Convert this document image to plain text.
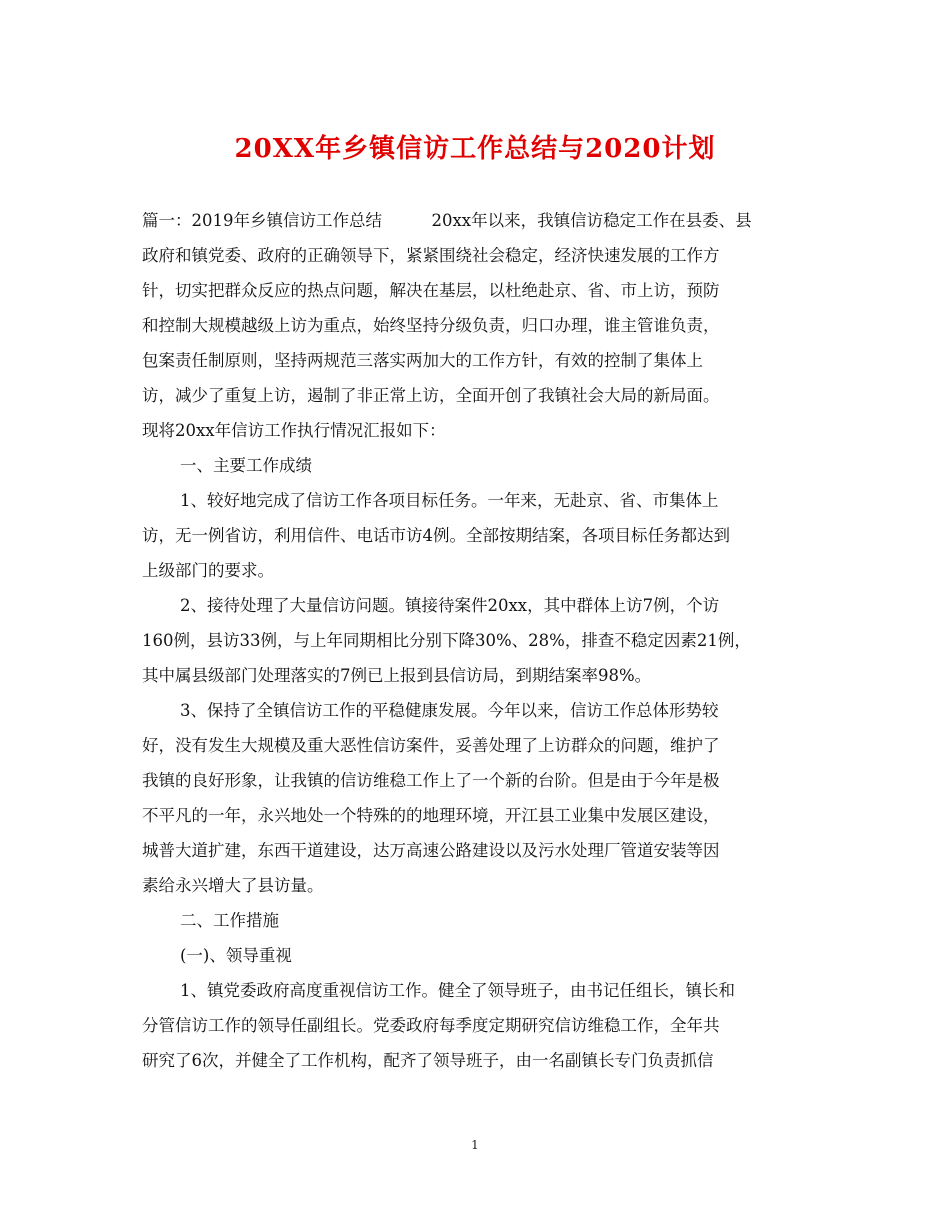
20XX年乡镇信访工作总结与2020计划
篇一：2019年乡镇信访工作总结　　　20xx年以来，我镇信访稳定工作在县委、县
政府和镇党委、政府的正确领导下，紧紧围绕社会稳定，经济快速发展的工作方
针，切实把群众反应的热点问题，解决在基层，以杜绝赴京、省、市上访，预防
和控制大规模越级上访为重点，始终坚持分级负责，归口办理，谁主管谁负责，
包案责任制原则，坚持两规范三落实两加大的工作方针，有效的控制了集体上
访，减少了重复上访，遏制了非正常上访，全面开创了我镇社会大局的新局面。
现将20xx年信访工作执行情况汇报如下：
一、主要工作成绩
1、较好地完成了信访工作各项目标任务。一年来，无赴京、省、市集体上
访，无一例省访，利用信件、电话市访4例。全部按期结案，各项目标任务都达到
上级部门的要求。
2、接待处理了大量信访问题。镇接待案件20xx，其中群体上访7例，个访
160例，县访33例，与上年同期相比分别下降30%、28%，排查不稳定因素21例，
其中属县级部门处理落实的7例已上报到县信访局，到期结案率98%。
3、保持了全镇信访工作的平稳健康发展。今年以来，信访工作总体形势较
好，没有发生大规模及重大恶性信访案件，妥善处理了上访群众的问题，维护了
我镇的良好形象，让我镇的信访维稳工作上了一个新的台阶。但是由于今年是极
不平凡的一年，永兴地处一个特殊的的地理环境，开江县工业集中发展区建设，
城普大道扩建，东西干道建设，达万高速公路建设以及污水处理厂管道安装等因
素给永兴增大了县访量。
二、工作措施
(一)、领导重视
1、镇党委政府高度重视信访工作。健全了领导班子，由书记任组长，镇长和
分管信访工作的领导任副组长。党委政府每季度定期研究信访维稳工作，全年共
研究了6次，并健全了工作机构，配齐了领导班子，由一名副镇长专门负责抓信
1
